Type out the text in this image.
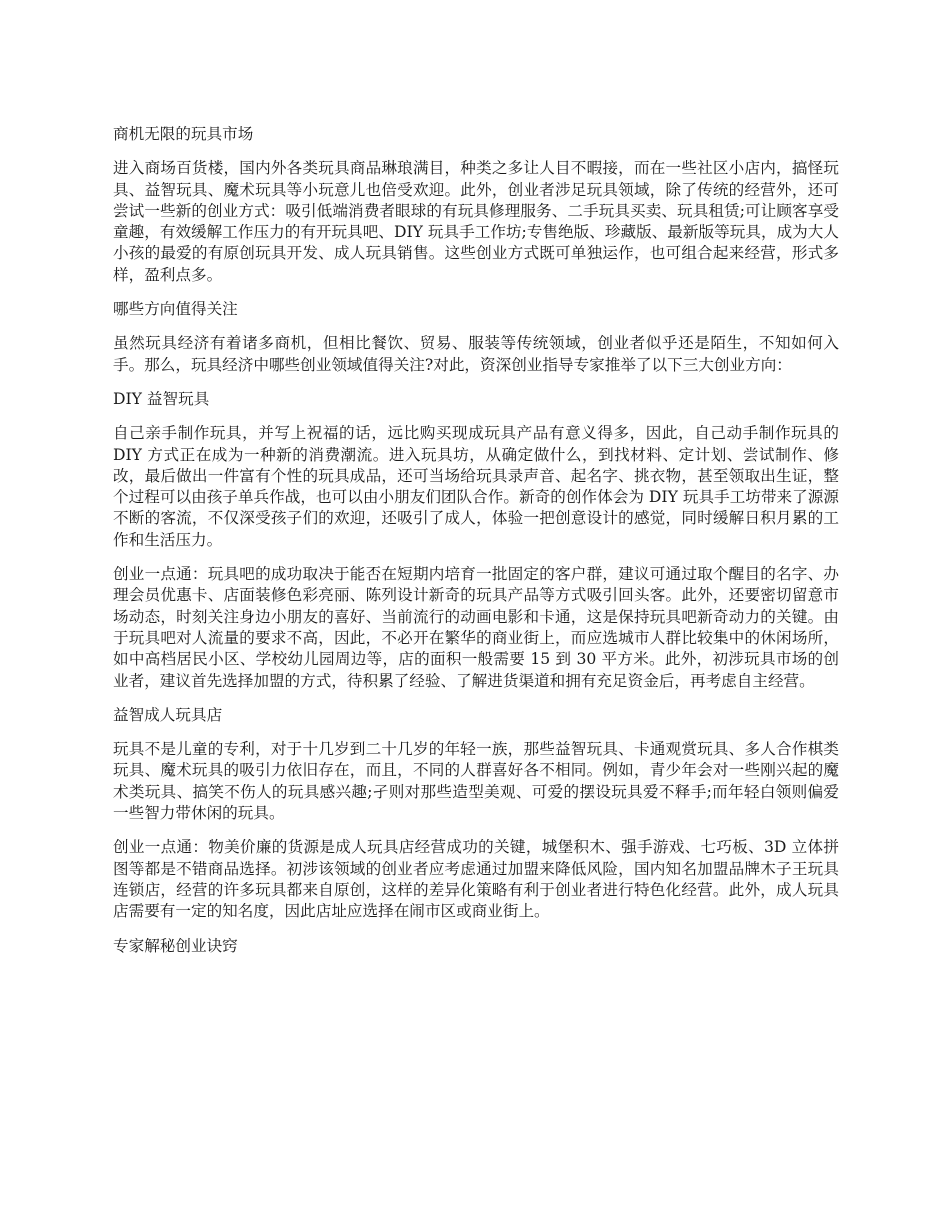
商机无限的玩具市场

进入商场百货楼，国内外各类玩具商品琳琅满目，种类之多让人目不暇接，而在一些社区小店内，搞怪玩具、益智玩具、魔术玩具等小玩意儿也倍受欢迎。此外，创业者涉足玩具领域，除了传统的经营外，还可尝试一些新的创业方式：吸引低端消费者眼球的有玩具修理服务、二手玩具买卖、玩具租赁;可让顾客享受童趣，有效缓解工作压力的有开玩具吧、DIY 玩具手工作坊;专售绝版、珍藏版、最新版等玩具，成为大人小孩的最爱的有原创玩具开发、成人玩具销售。这些创业方式既可单独运作，也可组合起来经营，形式多样，盈利点多。

哪些方向值得关注

虽然玩具经济有着诸多商机，但相比餐饮、贸易、服装等传统领域，创业者似乎还是陌生，不知如何入手。那么，玩具经济中哪些创业领域值得关注?对此，资深创业指导专家推举了以下三大创业方向：

DIY 益智玩具

自己亲手制作玩具，并写上祝福的话，远比购买现成玩具产品有意义得多，因此，自己动手制作玩具的 DIY 方式正在成为一种新的消费潮流。进入玩具坊，从确定做什么，到找材料、定计划、尝试制作、修改，最后做出一件富有个性的玩具成品，还可当场给玩具录声音、起名字、挑衣物，甚至领取出生证，整个过程可以由孩子单兵作战，也可以由小朋友们团队合作。新奇的创作体会为 DIY 玩具手工坊带来了源源不断的客流，不仅深受孩子们的欢迎，还吸引了成人，体验一把创意设计的感觉，同时缓解日积月累的工作和生活压力。

创业一点通：玩具吧的成功取决于能否在短期内培育一批固定的客户群，建议可通过取个醒目的名字、办理会员优惠卡、店面装修色彩亮丽、陈列设计新奇的玩具产品等方式吸引回头客。此外，还要密切留意市场动态，时刻关注身边小朋友的喜好、当前流行的动画电影和卡通，这是保持玩具吧新奇动力的关键。由于玩具吧对人流量的要求不高，因此，不必开在繁华的商业街上，而应选城市人群比较集中的休闲场所，如中高档居民小区、学校幼儿园周边等，店的面积一般需要 15 到 30 平方米。此外，初涉玩具市场的创业者，建议首先选择加盟的方式，待积累了经验、了解进货渠道和拥有充足资金后，再考虑自主经营。

益智成人玩具店

玩具不是儿童的专利，对于十几岁到二十几岁的年轻一族，那些益智玩具、卡通观赏玩具、多人合作棋类玩具、魔术玩具的吸引力依旧存在，而且，不同的人群喜好各不相同。例如，青少年会对一些刚兴起的魔术类玩具、搞笑不伤人的玩具感兴趣;孑则对那些造型美观、可爱的摆设玩具爱不释手;而年轻白领则偏爱一些智力带休闲的玩具。

创业一点通：物美价廉的货源是成人玩具店经营成功的关键，城堡积木、强手游戏、七巧板、3D 立体拼图等都是不错商品选择。初涉该领域的创业者应考虑通过加盟来降低风险，国内知名加盟品牌木子王玩具连锁店，经营的许多玩具都来自原创，这样的差异化策略有利于创业者进行特色化经营。此外，成人玩具店需要有一定的知名度，因此店址应选择在闹市区或商业街上。

专家解秘创业诀窍
